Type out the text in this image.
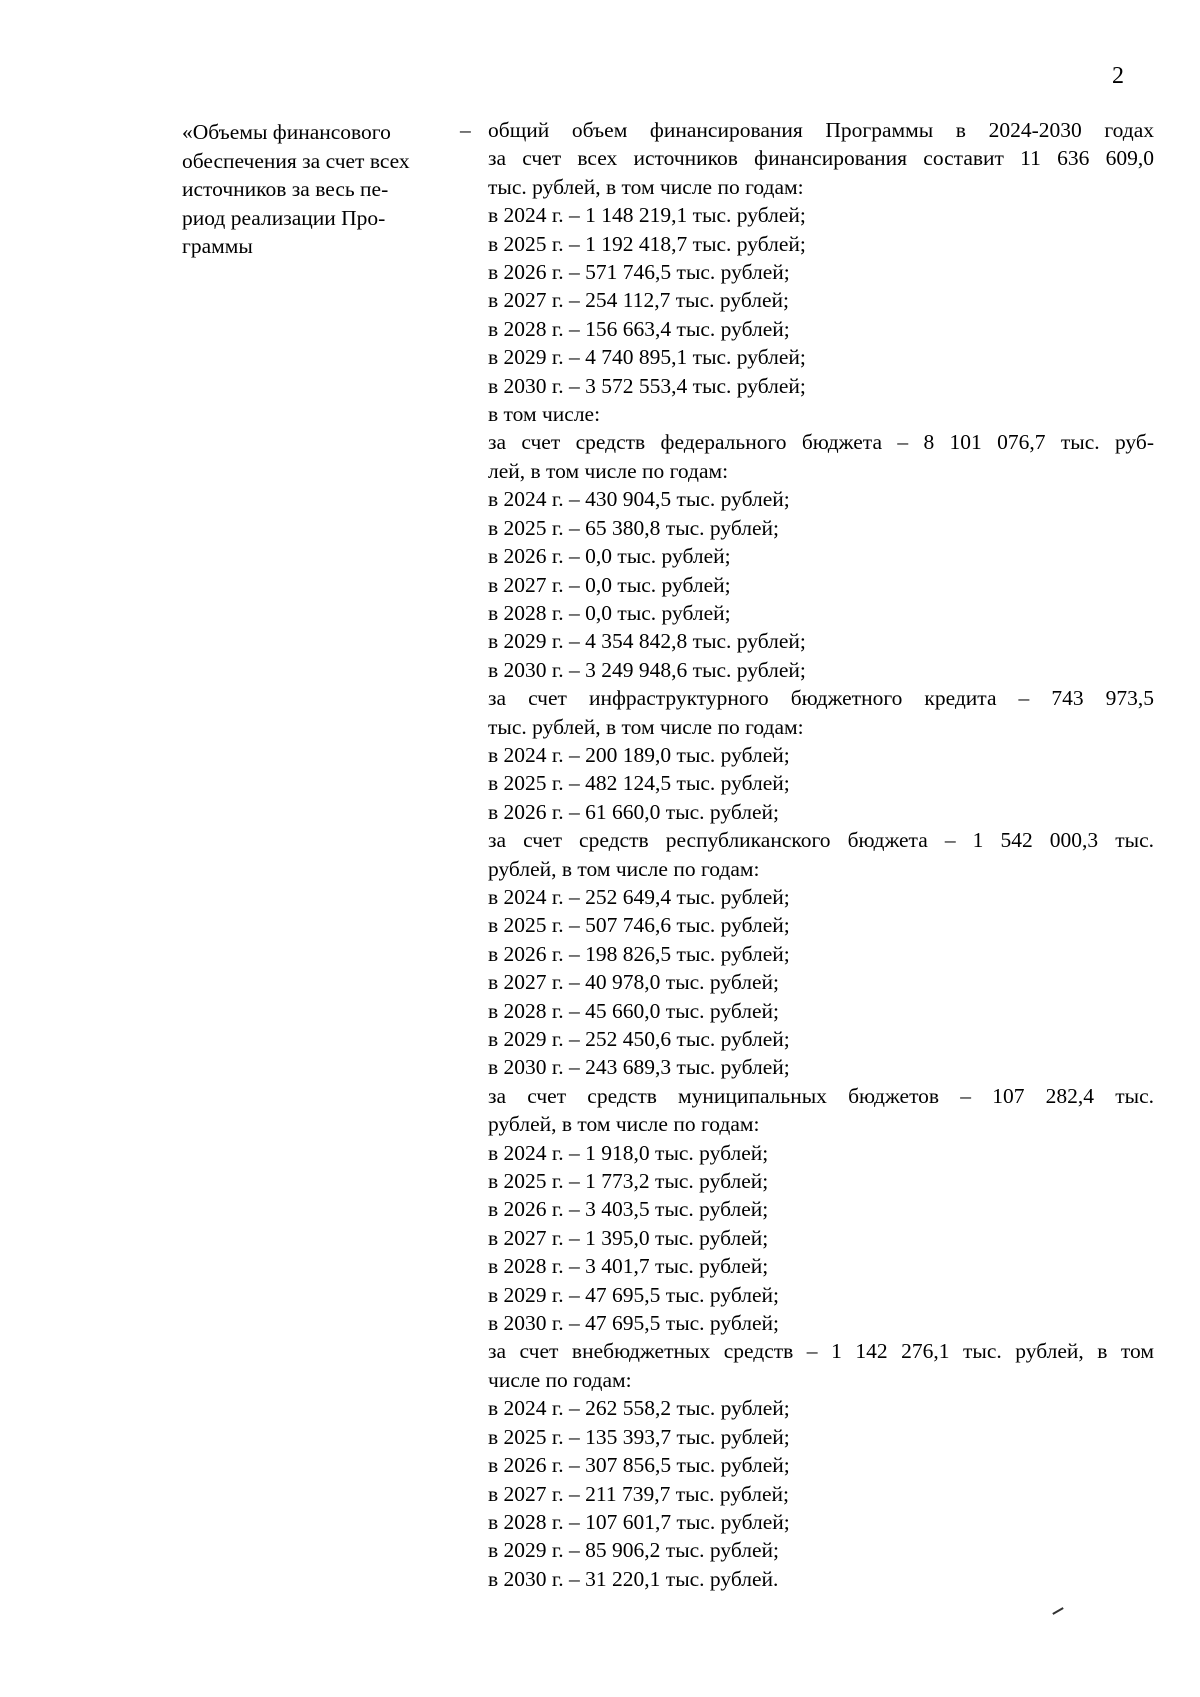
2
«Объемы финансового
обеспечения за счет всех
источников за весь пе-
риод реализации Про-
граммы
– общий объем финансирования Программы в 2024-2030 годах
за счет всех источников финансирования составит 11 636 609,0
тыс. рублей, в том числе по годам:
в 2024 г. – 1 148 219,1 тыс. рублей;
в 2025 г. – 1 192 418,7 тыс. рублей;
в 2026 г. – 571 746,5 тыс. рублей;
в 2027 г. – 254 112,7 тыс. рублей;
в 2028 г. – 156 663,4 тыс. рублей;
в 2029 г. – 4 740 895,1 тыс. рублей;
в 2030 г. – 3 572 553,4 тыс. рублей;
в том числе:
за счет средств федерального бюджета – 8 101 076,7 тыс. руб-
лей, в том числе по годам:
в 2024 г. – 430 904,5 тыс. рублей;
в 2025 г. – 65 380,8 тыс. рублей;
в 2026 г. – 0,0 тыс. рублей;
в 2027 г. – 0,0 тыс. рублей;
в 2028 г. – 0,0 тыс. рублей;
в 2029 г. – 4 354 842,8 тыс. рублей;
в 2030 г. – 3 249 948,6 тыс. рублей;
за счет инфраструктурного бюджетного кредита – 743 973,5
тыс. рублей, в том числе по годам:
в 2024 г. – 200 189,0 тыс. рублей;
в 2025 г. – 482 124,5 тыс. рублей;
в 2026 г. – 61 660,0 тыс. рублей;
за счет средств республиканского бюджета – 1 542 000,3 тыс.
рублей, в том числе по годам:
в 2024 г. – 252 649,4 тыс. рублей;
в 2025 г. – 507 746,6 тыс. рублей;
в 2026 г. – 198 826,5 тыс. рублей;
в 2027 г. – 40 978,0 тыс. рублей;
в 2028 г. – 45 660,0 тыс. рублей;
в 2029 г. – 252 450,6 тыс. рублей;
в 2030 г. – 243 689,3 тыс. рублей;
за счет средств муниципальных бюджетов – 107 282,4 тыс.
рублей, в том числе по годам:
в 2024 г. – 1 918,0 тыс. рублей;
в 2025 г. – 1 773,2 тыс. рублей;
в 2026 г. – 3 403,5 тыс. рублей;
в 2027 г. – 1 395,0 тыс. рублей;
в 2028 г. – 3 401,7 тыс. рублей;
в 2029 г. – 47 695,5 тыс. рублей;
в 2030 г. – 47 695,5 тыс. рублей;
за счет внебюджетных средств – 1 142 276,1 тыс. рублей, в том
числе по годам:
в 2024 г. – 262 558,2 тыс. рублей;
в 2025 г. – 135 393,7 тыс. рублей;
в 2026 г. – 307 856,5 тыс. рублей;
в 2027 г. – 211 739,7 тыс. рублей;
в 2028 г. – 107 601,7 тыс. рублей;
в 2029 г. – 85 906,2 тыс. рублей;
в 2030 г. – 31 220,1 тыс. рублей.
